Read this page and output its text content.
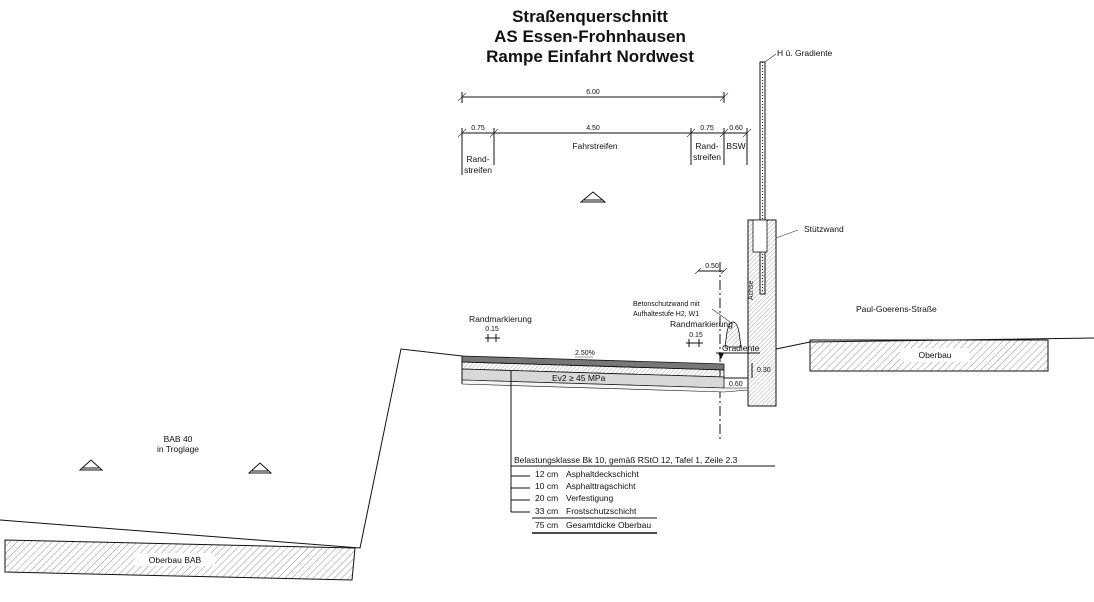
Straßenquerschnitt
AS Essen-Frohnhausen
Rampe Einfahrt Nordwest
6.00
0.75	4.50	0.75 0.60
Rand-
streifen
Fahrstreifen	Rand-
streifen
BSW
H ü. Gradiente
Stützwand
0.50
Achse
Betonschutzwand mit
Aufhaltestufe H2, W1
Randmarkierung
0.15
Randmarkierung
0.15
Gradiente
2.50%
Ev2 ≥ 45 MPa
0.30
0.60
Paul-Goerens-Straße
Oberbau
BAB 40
in Troglage
Oberbau BAB
Belastungsklasse Bk 10, gemäß RStO 12, Tafel 1, Zeile 2.3
12 cm Asphaltdeckschicht
10 cm Asphalttragschicht
20 cm Verfestigung
33 cm Frostschutzschicht
75 cm Gesamtdicke Oberbau
